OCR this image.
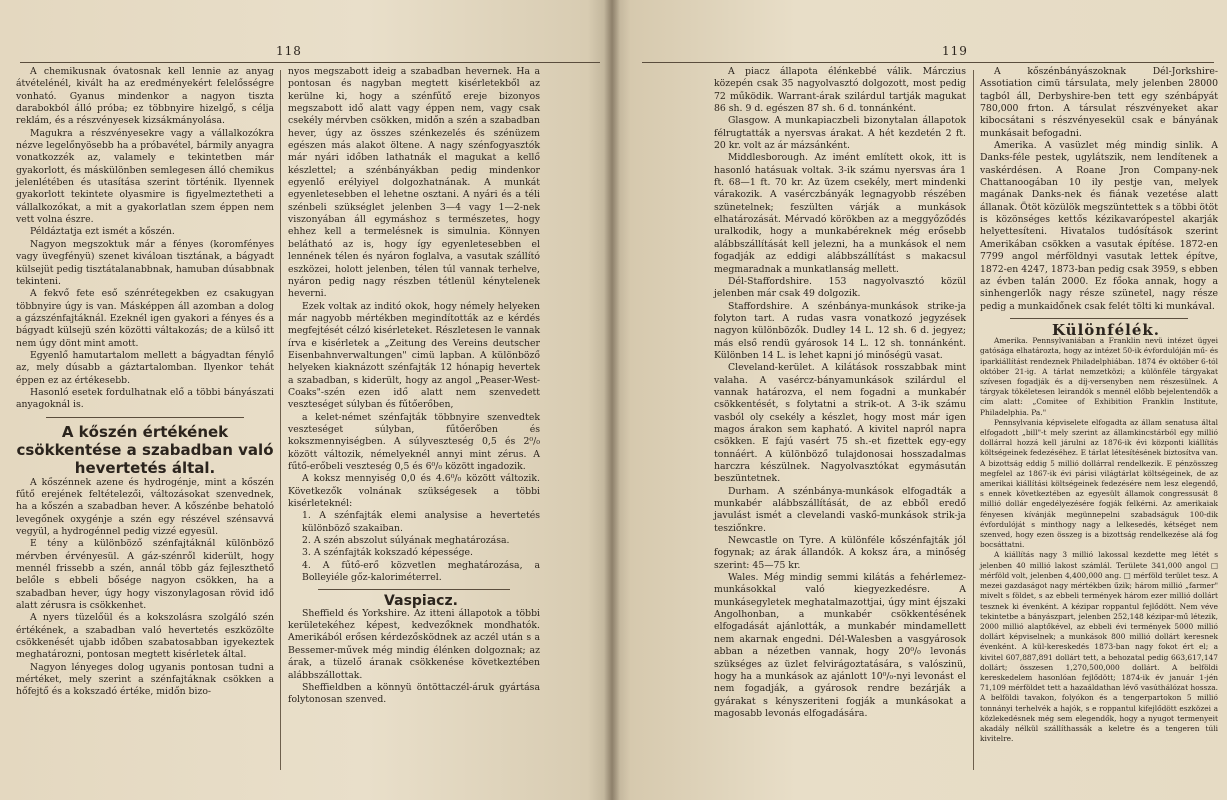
118

A chemikusnak óvatosnak kell lennie az anyag átvételénél, kivált ha az eredményekért felelősségre vonható. Gyanus mindenkor a nagyon tiszta darabokból álló próba; ez többnyire hizelgő, s célja reklám, és a részvényesek kizsákmányolása.

Magukra a részvényesekre vagy a vállalkozókra nézve legelőnyösebb ha a próbavétel, bármily anyagra vonatkozzék az, valamely e tekintetben már gyakorlott, és máskülönben semlegesen álló chemikus jelenlétében és utasítása szerint történik. Ilyennek gyakorlott tekintete olyasmire is figyelmeztetheti a vállalkozókat, a mit a gyakorlatlan szem éppen nem vett volna észre.

Példáztatja ezt ismét a kőszén.

Nagyon megszoktuk már a fényes (koromfényes vagy üvegfényü) szenet kiváloan tisztának, a bágyadt külsejüt pedig tisztátalanabbnak, hamuban dúsabbnak tekinteni.

A fekvő fete eső szénrétegekben ez csakugyan többnyire úgy is van. Másképpen áll azomban a dolog a gázszénfajtáknál. Ezeknél igen gyakori a fényes és a bágyadt külsejü szén közötti váltakozás; de a külső itt nem úgy dönt mint amott.

Egyenlő hamutartalom mellett a bágyadtan fénylő az, mely dúsabb a gáztartalomban. Ilyenkor tehát éppen ez az értékesebb.

Hasonló esetek fordulhatnak elő a többi bányászati anyagoknál is.

A kőszén értékének csökkentése a szabadban való hevertetés által.

A kőszénnek azene és hydrogénje, mint a kőszén fűtő erejének feltételezői, változásokat szenvednek, ha a kőszén a szabadban hever. A kőszénbe behatoló levegőnek oxygénje a szén egy részével szénsavvá vegyül, a hydrogénnel pedig vizzé egyesül.

E tény a különböző szénfajtáknál különböző mérvben érvényesül. A gáz-szénről kiderült, hogy mennél frissebb a szén, annál több gáz fejleszthető belőle s ebbeli bősége nagyon csökken, ha a szabadban hever, úgy hogy viszonylagosan rövid idő alatt zérusra is csökkenhet.

A nyers tüzelőül és a kokszolásra szolgáló szén értékének, a szabadban való hevertetés eszközölte csökkenését ujabb időben szabatosabban igyekeztek meghatározni, pontosan megtett kisérletek által.

Nagyon lényeges dolog ugyanis pontosan tudni a mértéket, mely szerint a szénfajtáknak csökken a hőfejtő és a kokszadó értéke, midőn bizo-

nyos megszabott ideig a szabadban hevernek. Ha a pontosan és nagyban megtett kisérletekből az kerülne ki, hogy a szénfűtő ereje bizonyos megszabott idő alatt vagy éppen nem, vagy csak csekély mérvben csökken, midőn a szén a szabadban hever, úgy az összes szénkezelés és szénüzem egészen más alakot öltene. A nagy szénfogyasztók már nyári időben lathatnák el magukat a kellő készlettel; a szénbányákban pedig mindenkor egyenlő erélyiyel dolgozhatnának. A munkát egyenletesebben el lehetne osztani. A nyári és a téli szénbeli szükséglet jelenben 3—4 vagy 1—2-nek viszonyában áll egymáshoz s természetes, hogy ehhez kell a termelésnek is simulnia. Könnyen belátható az is, hogy így egyenletesebben el lennének télen és nyáron foglalva, a vasutak szállító eszközei, holott jelenben, télen túl vannak terhelve, nyáron pedig nagy részben tétlenül kénytelenek heverni.

Ezek voltak az inditó okok, hogy némely helyeken már nagyobb mértékben megindították az e kérdés megfejtését célzó kisérleteket. Részletesen le vannak írva e kisérletek a „Zeitung des Vereins deutscher Eisenbahnverwaltungen" cimü lapban. A különböző helyeken kiaknázott szénfajták 12 hónapig hevertek a szabadban, s kiderült, hogy az angol „Peaser-West-Coaks"-szén ezen idő alatt nem szenvedett veszteséget súlyban és fűtőerőben,

a kelet-német szénfajták többnyire szenvedtek veszteséget súlyban, fűtőerőben és kokszmennyiségben. A súlyveszteség 0,5 és 2⁰/₀ között változik, némelyeknél annyi mint zérus. A fűtő-erőbeli veszteség 0,5 és 6⁰/₀ között ingadozik.

A koksz mennyiség 0,0 és 4.6⁰/₀ között változik. Következők volnának szükségesek a többi kisérleteknél:

1. A szénfajták elemi analysise a hevertetés különböző szakaiban.

2. A szén abszolut súlyának meghatározása.

3. A szénfajták kokszadó képessége.

4. A fűtő-erő közvetlen meghatározása, a Bolleyiéle gőz-kaloriméterrel.

Vaspiacz.

Sheffield és Yorkshire. Az itteni állapotok a többi kerületekéhez képest, kedvezőknek mondhatók. Amerikából erősen kérdezősködnek az aczél után s a Bessemer-művek még mindig élénken dolgoznak; az árak, a tüzelő áranak csökkenése következtében alábbszállottak.

Sheffieldben a könnyü öntöttaczél-áruk gyártása folytonosan szenved.

119

A piacz állapota élénkebbé válik. Márczius közepén csak 35 nagyolvasztó dolgozott, most pedig 72 működik. Warrant-árak szilárdul tartják magukat 86 sh. 9 d. egészen 87 sh. 6 d. tonnánként.

Glasgow. A munkapiaczbeli bizonytalan állapotok félrugtatták a nyersvas árakat. A hét kezdetén 2 ft. 20 kr. volt az ár mázsánként.

Middlesborough. Az imént említett okok, itt is hasonló hatásuak voltak. 3-ik számu nyersvas ára 1 ft. 68—1 ft. 70 kr. Az üzem csekély, mert mindenki várakozik. A vasérczbányák legnagyobb részében szünetelnek; feszülten várják a munkások elhatározását. Mérvadó körökben az a meggyőződés uralkodik, hogy a munkabéreknek még erősebb alábbszállítását kell jelezni, ha a munkások el nem fogadják az eddigi alábbszállítást s makacsul megmaradnak a munkatlanság mellett.

Dél-Staffordshire. 153 nagyolvasztó közül jelenben már csak 49 dolgozik.

Staffordshire. A szénbánya-munkások strike-ja folyton tart. A rudas vasra vonatkozó jegyzések nagyon különbözők. Dudley 14 L. 12 sh. 6 d. jegyez; más első rendü gyárosok 14 L. 12 sh. tonnánként. Különben 14 L. is lehet kapni jó minőségü vasat.

Cleveland-kerület. A kilátások rosszabbak mint valaha. A vasércz-bányamunkások szilárdul el vannak határozva, el nem fogadni a munkabér csökkentését, s folytatni a strik-ot. A 3-ik számu vasból oly csekély a készlet, hogy most már igen magos árakon sem kapható. A kivitel napról napra csökken. E fajú vasért 75 sh.-et fizettek egy-egy tonnáért. A különböző tulajdonosai hosszadalmas harczra készülnek. Nagyolvasztókat egymásután beszüntetnek.

Durham. A szénbánya-munkások elfogadták a munkabér alábbszállítását, de az ebből eredő javulást ismét a clevelandi vaskő-munkások strik-ja tesziőnkre.

Newcastle on Tyre. A különféle kőszénfajták jól fogynak; az árak állandók. A koksz ára, a minőség szerint: 45—75 kr.

Wales. Még mindig semmi kilátás a fehérlemez-munkásokkal való kiegyezkedésre. A munkásegyletek meghatalmazottjai, úgy mint éjszaki Angolhonban, a munkabér csökkentésének elfogadását ajánlották, a munkabér mindamellett nem akarnak engedni. Dél-Walesben a vasgyárosok abban a nézetben vannak, hogy 20⁰/₀ levonás szükséges az üzlet felvirágoztatására, s valószinü, hogy ha a munkások az ajánlott 10⁰/₀-nyi levonást el nem fogadják, a gyárosok rendre bezárják a gyárakat s kényszeriteni fogják a munkásokat a magosabb levonás elfogadására.

A kőszénbányászoknak Dél-Jorkshire-Assotiation cimü társulata, mely jelenben 28000 tagból áll, Derbyshire-ben tett egy szénbápyát 780,000 frton. A társulat részvényeket akar kibocsátani s részvényesekül csak e bányának munkásait befogadni.

Amerika. A vasüzlet még mindig sinlik. A Danks-féle pestek, ugylátszik, nem lendítenek a vaskérdésen. A Roane Jron Company-nek Chattanoogában 10 ily pestje van, melyek magának Danks-nek és fiának vezetése alatt állanak. Ötöt közülök megszüntettek s a többi ötöt is közönséges kettős kézikavarópestel akarják helyettesíteni. Hivatalos tudósítások szerint Amerikában csökken a vasutak építése. 1872-en 7799 angol mérföldnyi vasutak lettek építve, 1872-en 4247, 1873-ban pedig csak 3959, s ebben az évben talán 2000. Ez főoka annak, hogy a sinhengerlők nagy része szünetel, nagy része pedig a munkaidőnek csak felét tölti ki munkával.

Különfélék.

Amerika. Pennsylvaniában a Franklin nevü intézet ügyei gatósága elhatározta, hogy az intézet 50-ik évfordulóján mű- és iparkiállítást rendeznek Philadelphiában. 1874 év október 6-tól október 21-ig. A tárlat nemzetközi; a különféle tárgyakat szívesen fogadják és a díj-versenyben nem részesülnek. A tárgyak tökéletesen leirandók s mennél előbb bejelentendők a cím alatt: „Comitee of Exhibition Franklin Institute, Philadelphia. Pa."

Pennsylvania képviselete elfogadta az állam senatusa által elfogadott „bill"-t mely szerint az államkincstárból egy millió dollárral hozzá kell járulni az 1876-ik évi központi kiállítás költségeinek fedezéséhez. E tárlat létesítésének biztosítva van. A bizottság eddig 5 millió dollárral rendelkezik. E pénzösszeg megfelel az 1867-ik évi párisi világtárlat költségeinek, de az amerikai kiállítási költségeinek fedezésére nem lesz elegendő, s ennek következtében az egyesült államok congressusát 8 millió dollár engedélyezésére fogják felkérni. Az amerikaiak fényesen kívánják megünnepelni szabadságuk 100-dik évfordulóját s minthogy nagy a lelkesedés, kétséget nem szenved, hogy ezen összeg is a bizottság rendelkezése alá fog bocsáttatni.

A kiállítás nagy 3 millió lakossal kezdette meg létét s jelenben 40 millió lakost számlál. Területe 341,000 angol □ mérföld volt, jelenben 4,400,000 ang. □ mérföld terület tesz. A mezei gazdaságot nagy mértékben űzik; három millió „farmer" mivelt s földet, s az ebbeli termények három ezer millió dollárt tesznek ki évenként. A kézipar roppantul fejlődött. Nem véve tekintetbe a bányászpart, jelenben 252,148 kézipar-mű létezik, 2000 millió alaptőkével, az ebbeli évi termények 5000 millió dollárt képviselnek; a munkások 800 millió dollárt keresnek évenként. A kül-kereskedés 1873-ban nagy fokot ért el; a kivitel 607,887,891 dollárt tett, a behozatal pedig 663,617,147 dollárt; összesen 1,270,500,000 dollárt. A belföldi kereskedelem hasonlóan fejlődött; 1874-ik év január 1-jén 71,109 mérföldet tett a hazaáldathan lévő vasúthálózat hossza. A belföldi tavakon, folyókon és a tengerpartokon 5 millió tonnányi terhelvék a hajók, s e roppantul kifejlődött eszközei a közlekedésnek még sem elegendők, hogy a nyugot termenyeit akadály nélkül szállíthassák a keletre és a tengeren túli kivitelre.
